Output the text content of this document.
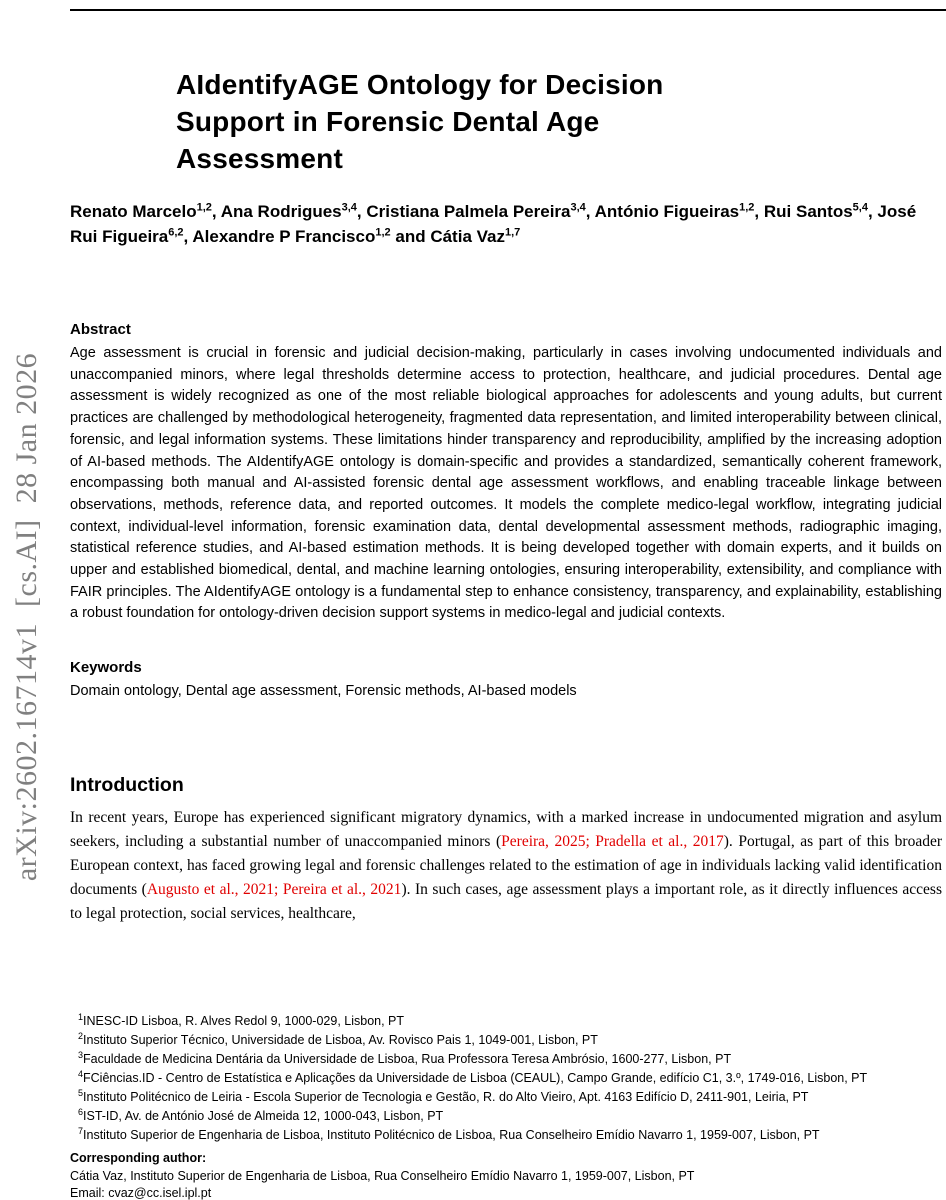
arXiv:2602.16714v1  [cs.AI]  28 Jan 2026
AIdentifyAGE Ontology for Decision
Support in Forensic Dental Age
Assessment

Renato Marcelo$^{1,2}$, Ana Rodrigues$^{3,4}$, Cristiana Palmela Pereira$^{3,4}$, António Figueiras$^{1,2}$, Rui Santos$^{5,4}$, José Rui Figueira$^{6,2}$, Alexandre P Francisco$^{1,2}$ and Cátia Vaz$^{1,7}$

Abstract

Age assessment is crucial in forensic and judicial decision-making, particularly in cases involving undocumented individuals and unaccompanied minors, where legal thresholds determine access to protection, healthcare, and judicial procedures. Dental age assessment is widely recognized as one of the most reliable biological approaches for adolescents and young adults, but current practices are challenged by methodological heterogeneity, fragmented data representation, and limited interoperability between clinical, forensic, and legal information systems. These limitations hinder transparency and reproducibility, amplified by the increasing adoption of AI-based methods. The AIdentifyAGE ontology is domain-specific and provides a standardized, semantically coherent framework, encompassing both manual and AI-assisted forensic dental age assessment workflows, and enabling traceable linkage between observations, methods, reference data, and reported outcomes. It models the complete medico-legal workflow, integrating judicial context, individual-level information, forensic examination data, dental developmental assessment methods, radiographic imaging, statistical reference studies, and AI-based estimation methods. It is being developed together with domain experts, and it builds on upper and established biomedical, dental, and machine learning ontologies, ensuring interoperability, extensibility, and compliance with FAIR principles. The AIdentifyAGE ontology is a fundamental step to enhance consistency, transparency, and explainability, establishing a robust foundation for ontology-driven decision support systems in medico-legal and judicial contexts.

Keywords

Domain ontology, Dental age assessment, Forensic methods, AI-based models

Introduction

In recent years, Europe has experienced significant migratory dynamics, with a marked increase in undocumented migration and asylum seekers, including a substantial number of unaccompanied minors (Pereira, 2025; Pradella et al., 2017). Portugal, as part of this broader European context, has faced growing legal and forensic challenges related to the estimation of age in individuals lacking valid identification documents (Augusto et al., 2021; Pereira et al., 2021). In such cases, age assessment plays a important role, as it directly influences access to legal protection, social services, healthcare,

$^1$INESC-ID Lisboa, R. Alves Redol 9, 1000-029, Lisbon, PT
$^2$Instituto Superior Técnico, Universidade de Lisboa, Av. Rovisco Pais 1, 1049-001, Lisbon, PT
$^3$Faculdade de Medicina Dentária da Universidade de Lisboa, Rua Professora Teresa Ambrósio, 1600-277, Lisbon, PT
$^4$FCiências.ID - Centro de Estatística e Aplicações da Universidade de Lisboa (CEAUL), Campo Grande, edifício C1, 3.º, 1749-016, Lisbon, PT
$^5$Instituto Politécnico de Leiria - Escola Superior de Tecnologia e Gestão, R. do Alto Vieiro, Apt. 4163 Edifício D, 2411-901, Leiria, PT
$^6$IST-ID, Av. de António José de Almeida 12, 1000-043, Lisbon, PT
$^7$Instituto Superior de Engenharia de Lisboa, Instituto Politécnico de Lisboa, Rua Conselheiro Emídio Navarro 1, 1959-007, Lisbon, PT
Corresponding author:
Cátia Vaz, Instituto Superior de Engenharia de Lisboa, Rua Conselheiro Emídio Navarro 1, 1959-007, Lisbon, PT
Email: cvaz@cc.isel.ipl.pt
